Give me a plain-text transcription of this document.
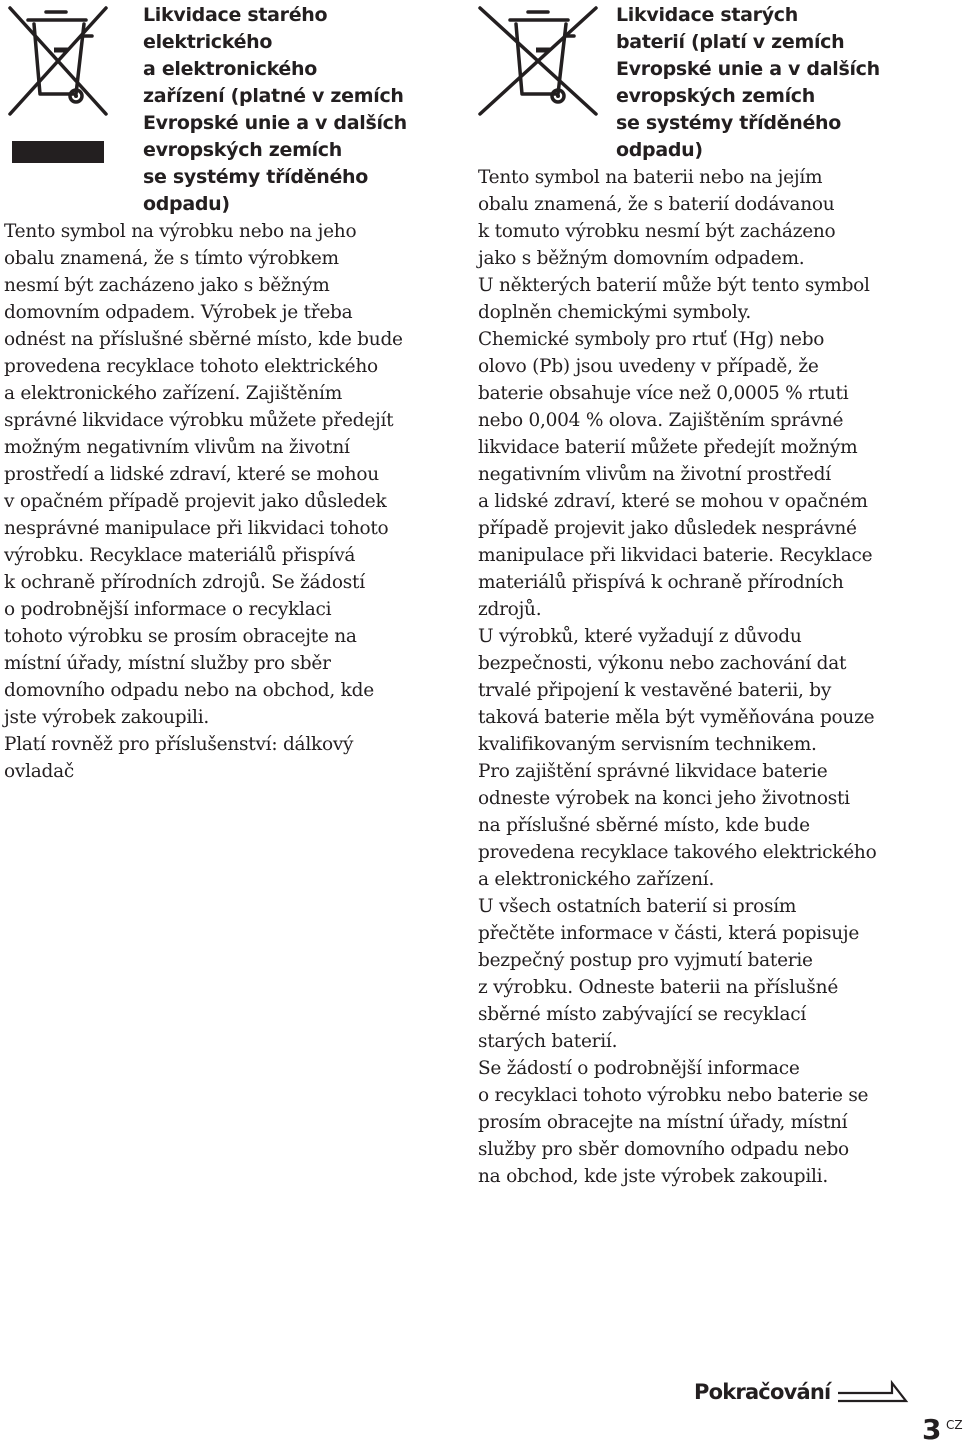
Likvidace starého
elektrického
a elektronického
zařízení (platné v zemích
Evropské unie a v dalších
evropských zemích
se systémy tříděného
odpadu)

Tento symbol na výrobku nebo na jeho
obalu znamená, že s tímto výrobkem
nesmí být zacházeno jako s běžným
domovním odpadem. Výrobek je třeba
odnést na příslušné sběrné místo, kde bude
provedena recyklace tohoto elektrického
a elektronického zařízení. Zajištěním
správné likvidace výrobku můžete předejít
možným negativním vlivům na životní
prostředí a lidské zdraví, které se mohou
v opačném případě projevit jako důsledek
nesprávné manipulace při likvidaci tohoto
výrobku. Recyklace materiálů přispívá
k ochraně přírodních zdrojů. Se žádostí
o podrobnější informace o recyklaci
tohoto výrobku se prosím obracejte na
místní úřady, místní služby pro sběr
domovního odpadu nebo na obchod, kde
jste výrobek zakoupili.
Platí rovněž pro příslušenství: dálkový
ovladač

Likvidace starých
baterií (platí v zemích
Evropské unie a v dalších
evropských zemích
se systémy tříděného
odpadu)

Tento symbol na baterii nebo na jejím
obalu znamená, že s baterií dodávanou
k tomuto výrobku nesmí být zacházeno
jako s běžným domovním odpadem.
U některých baterií může být tento symbol
doplněn chemickými symboly.
Chemické symboly pro rtuť (Hg) nebo
olovo (Pb) jsou uvedeny v případě, že
baterie obsahuje více než 0,0005 % rtuti
nebo 0,004 % olova. Zajištěním správné
likvidace baterií můžete předejít možným
negativním vlivům na životní prostředí
a lidské zdraví, které se mohou v opačném
případě projevit jako důsledek nesprávné
manipulace při likvidaci baterie. Recyklace
materiálů přispívá k ochraně přírodních
zdrojů.
U výrobků, které vyžadují z důvodu
bezpečnosti, výkonu nebo zachování dat
trvalé připojení k vestavěné baterii, by
taková baterie měla být vyměňována pouze
kvalifikovaným servisním technikem.
Pro zajištění správné likvidace baterie
odneste výrobek na konci jeho životnosti
na příslušné sběrné místo, kde bude
provedena recyklace takového elektrického
a elektronického zařízení.
U všech ostatních baterií si prosím
přečtěte informace v části, která popisuje
bezpečný postup pro vyjmutí baterie
z výrobku. Odneste baterii na příslušné
sběrné místo zabývající se recyklací
starých baterií.
Se žádostí o podrobnější informace
o recyklaci tohoto výrobku nebo baterie se
prosím obracejte na místní úřady, místní
služby pro sběr domovního odpadu nebo
na obchod, kde jste výrobek zakoupili.

Pokračování
3 CZ
